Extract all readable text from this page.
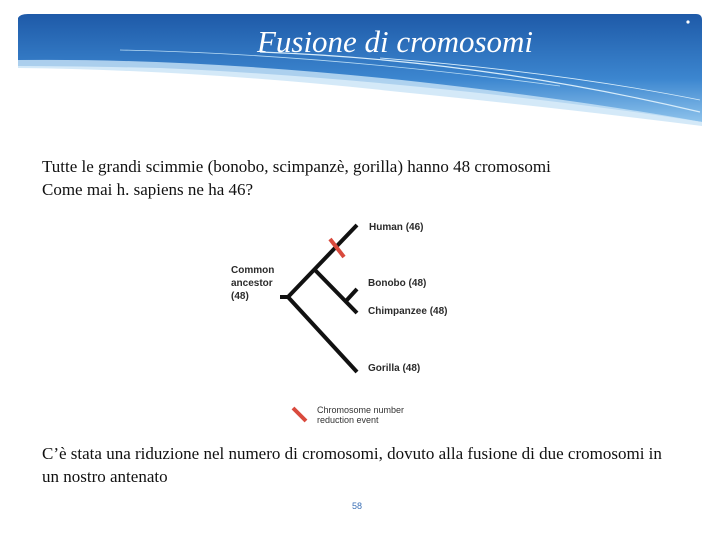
Fusione di cromosomi
Tutte le grandi scimmie (bonobo, scimpanzè, gorilla) hanno 48 cromosomi
Come mai h. sapiens ne ha 46?
Common ancestor (48)
Human (46)
Bonobo (48)
Chimpanzee (48)
Gorilla (48)
Chromosome number reduction event
C’è stata una riduzione nel numero di cromosomi, dovuto alla fusione di due cromosomi in un nostro antenato
58
